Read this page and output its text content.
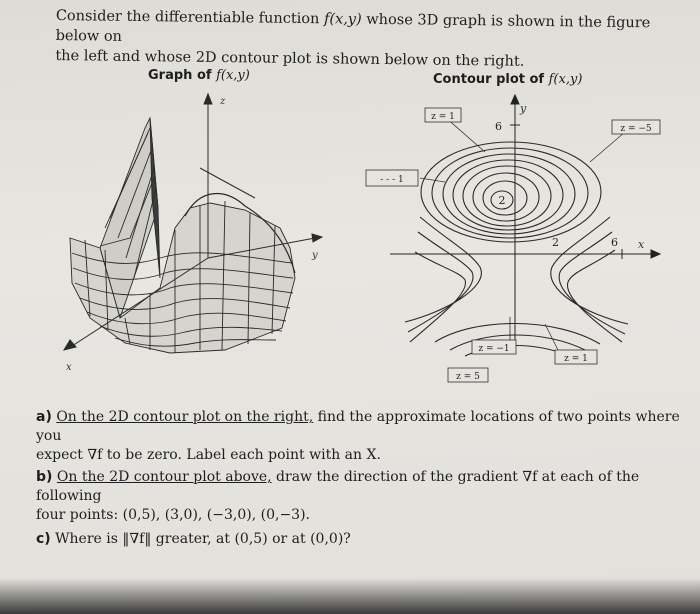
Consider the differentiable function f(x,y) whose 3D graph is shown in the figure below on

the left and whose 2D contour plot is shown below on the right.

Graph of f(x,y)	Contour plot of f(x,y)
z
y
x
y
x
6
6
2
2
z = 1
z = −5
- - - 1
z = −1
z = 1
z = 5
a) On the 2D contour plot on the right, find the approximate locations of two points where you
expect ∇f to be zero. Label each point with an X.
b) On the 2D contour plot above, draw the direction of the gradient ∇f at each of the following
four points: (0,5), (3,0), (−3,0), (0,−3).
c) Where is ‖∇f‖ greater, at (0,5) or at (0,0)?
